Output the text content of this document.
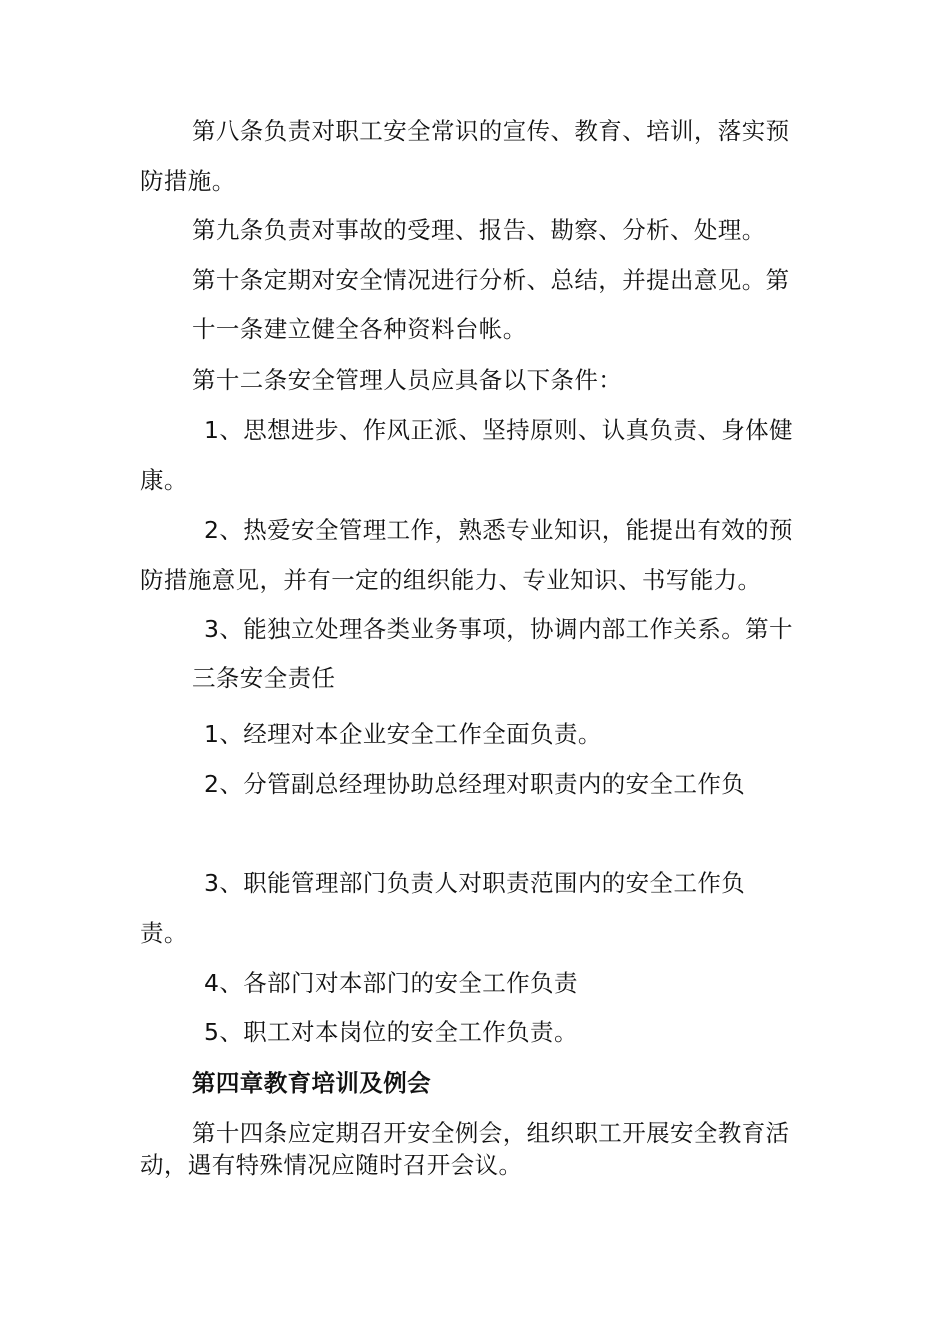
第八条负责对职工安全常识的宣传、教育、培训，落实预
防措施。
第九条负责对事故的受理、报告、勘察、分析、处理。
第十条定期对安全情况进行分析、总结，并提出意见。第
十一条建立健全各种资料台帐。
第十二条安全管理人员应具备以下条件：
1、思想进步、作风正派、坚持原则、认真负责、身体健
康。
2、热爱安全管理工作，熟悉专业知识，能提出有效的预
防措施意见，并有一定的组织能力、专业知识、书写能力。
3、能独立处理各类业务事项，协调内部工作关系。第十
三条安全责任
1、经理对本企业安全工作全面负责。
2、分管副总经理协助总经理对职责内的安全工作负
3、职能管理部门负责人对职责范围内的安全工作负
责。
4、各部门对本部门的安全工作负责
5、职工对本岗位的安全工作负责。
第四章教育培训及例会
第十四条应定期召开安全例会，组织职工开展安全教育活
动，遇有特殊情况应随时召开会议。
